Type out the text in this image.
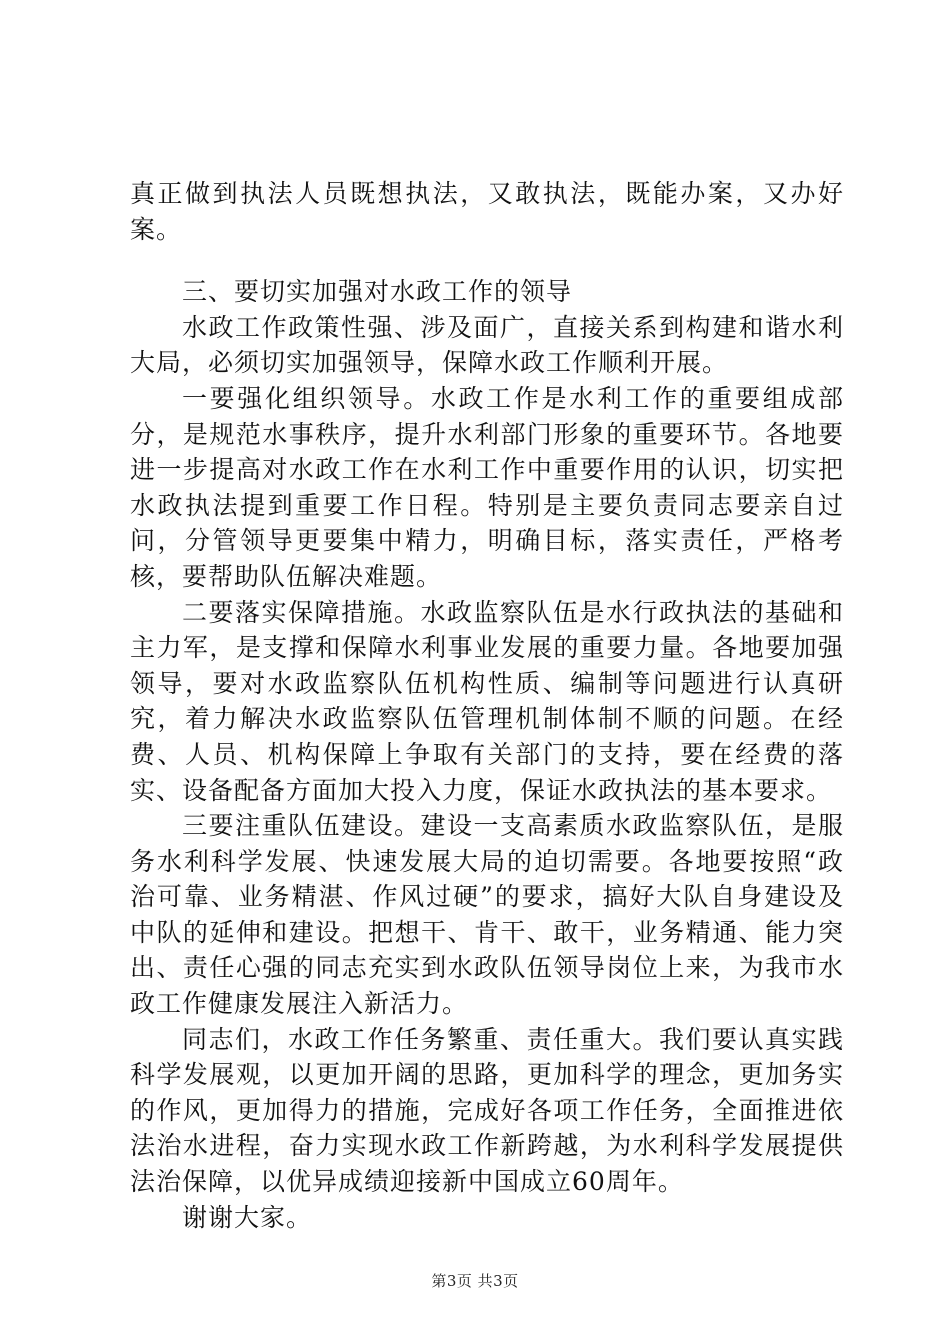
真正做到执法人员既想执法，又敢执法，既能办案，又办好案。

三、要切实加强对水政工作的领导

水政工作政策性强、涉及面广，直接关系到构建和谐水利大局，必须切实加强领导，保障水政工作顺利开展。

一要强化组织领导。水政工作是水利工作的重要组成部分，是规范水事秩序，提升水利部门形象的重要环节。各地要进一步提高对水政工作在水利工作中重要作用的认识，切实把水政执法提到重要工作日程。特别是主要负责同志要亲自过问，分管领导更要集中精力，明确目标，落实责任，严格考核，要帮助队伍解决难题。

二要落实保障措施。水政监察队伍是水行政执法的基础和主力军，是支撑和保障水利事业发展的重要力量。各地要加强领导，要对水政监察队伍机构性质、编制等问题进行认真研究，着力解决水政监察队伍管理机制体制不顺的问题。在经费、人员、机构保障上争取有关部门的支持，要在经费的落实、设备配备方面加大投入力度，保证水政执法的基本要求。

三要注重队伍建设。建设一支高素质水政监察队伍，是服务水利科学发展、快速发展大局的迫切需要。各地要按照“政治可靠、业务精湛、作风过硬”的要求，搞好大队自身建设及中队的延伸和建设。把想干、肯干、敢干，业务精通、能力突出、责任心强的同志充实到水政队伍领导岗位上来，为我市水政工作健康发展注入新活力。

同志们，水政工作任务繁重、责任重大。我们要认真实践科学发展观，以更加开阔的思路，更加科学的理念，更加务实的作风，更加得力的措施，完成好各项工作任务，全面推进依法治水进程，奋力实现水政工作新跨越，为水利科学发展提供法治保障，以优异成绩迎接新中国成立60周年。

谢谢大家。

第3页 共3页
